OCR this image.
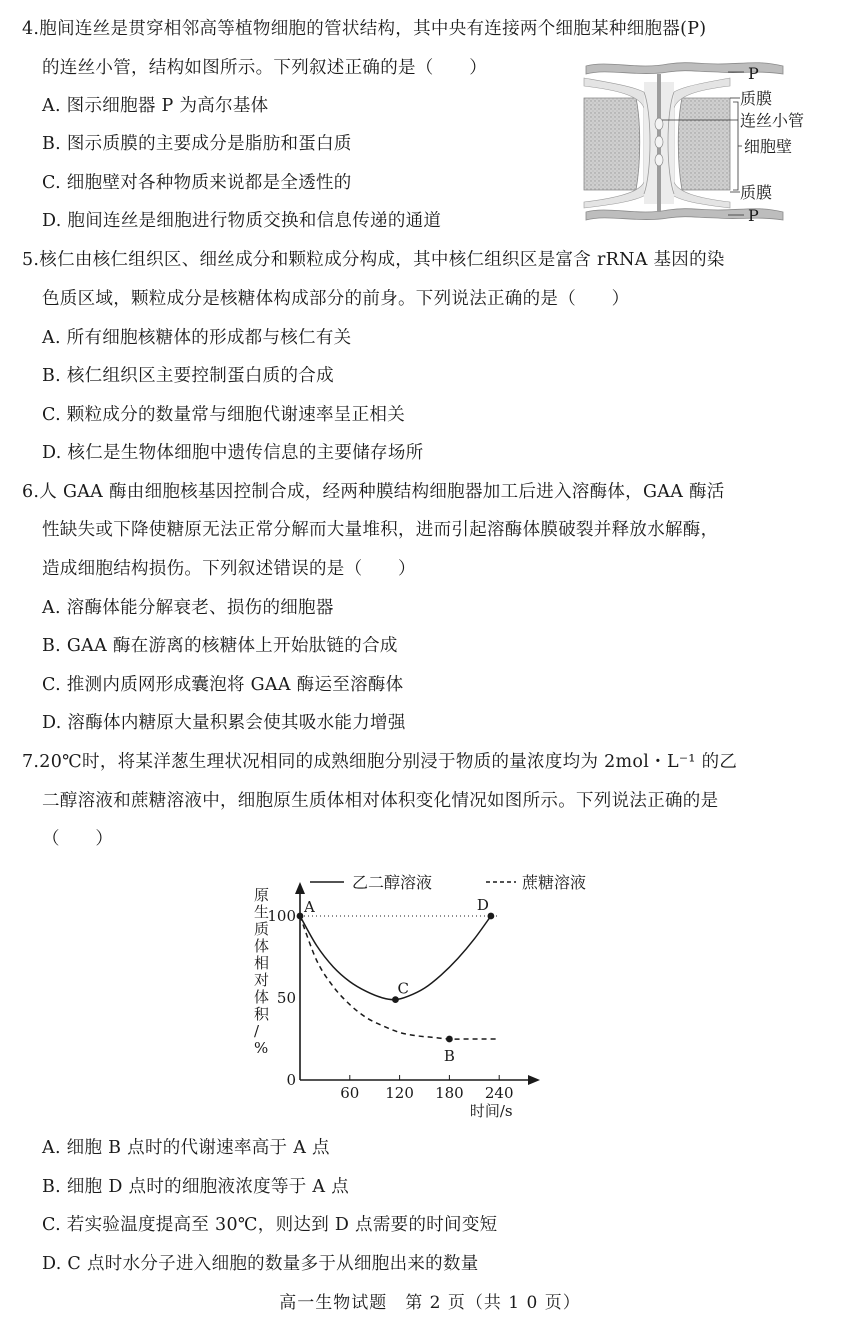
4.胞间连丝是贯穿相邻高等植物细胞的管状结构，其中央有连接两个细胞某种细胞器(P)
的连丝小管，结构如图所示。下列叙述正确的是（　　）
A. 图示细胞器 P 为高尔基体
B. 图示质膜的主要成分是脂肪和蛋白质
C. 细胞壁对各种物质来说都是全透性的
D. 胞间连丝是细胞进行物质交换和信息传递的通道
P
质膜
连丝小管
细胞壁
质膜
P
5.核仁由核仁组织区、细丝成分和颗粒成分构成，其中核仁组织区是富含 rRNA 基因的染
色质区域，颗粒成分是核糖体构成部分的前身。下列说法正确的是（　　）
A. 所有细胞核糖体的形成都与核仁有关
B. 核仁组织区主要控制蛋白质的合成
C. 颗粒成分的数量常与细胞代谢速率呈正相关
D. 核仁是生物体细胞中遗传信息的主要储存场所
6.人 GAA 酶由细胞核基因控制合成，经两种膜结构细胞器加工后进入溶酶体，GAA 酶活
性缺失或下降使糖原无法正常分解而大量堆积，进而引起溶酶体膜破裂并释放水解酶，
造成细胞结构损伤。下列叙述错误的是（　　）
A. 溶酶体能分解衰老、损伤的细胞器
B. GAA 酶在游离的核糖体上开始肽链的合成
C. 推测内质网形成囊泡将 GAA 酶运至溶酶体
D. 溶酶体内糖原大量积累会使其吸水能力增强
7.20℃时，将某洋葱生理状况相同的成熟细胞分别浸于物质的量浓度均为 2mol・L⁻¹ 的乙
二醇溶液和蔗糖溶液中，细胞原生质体相对体积变化情况如图所示。下列说法正确的是
（　　）
乙二醇溶液	蔗糖溶液
60 120 180 240
0
50
100
时间/s
原生质体相对体积/ %
A
C
B
D
A. 细胞 B 点时的代谢速率高于 A 点
B. 细胞 D 点时的细胞液浓度等于 A 点
C. 若实验温度提高至 30℃，则达到 D 点需要的时间变短
D. C 点时水分子进入细胞的数量多于从细胞出来的数量
高一生物试题　第 2 页（共 1 0 页）
